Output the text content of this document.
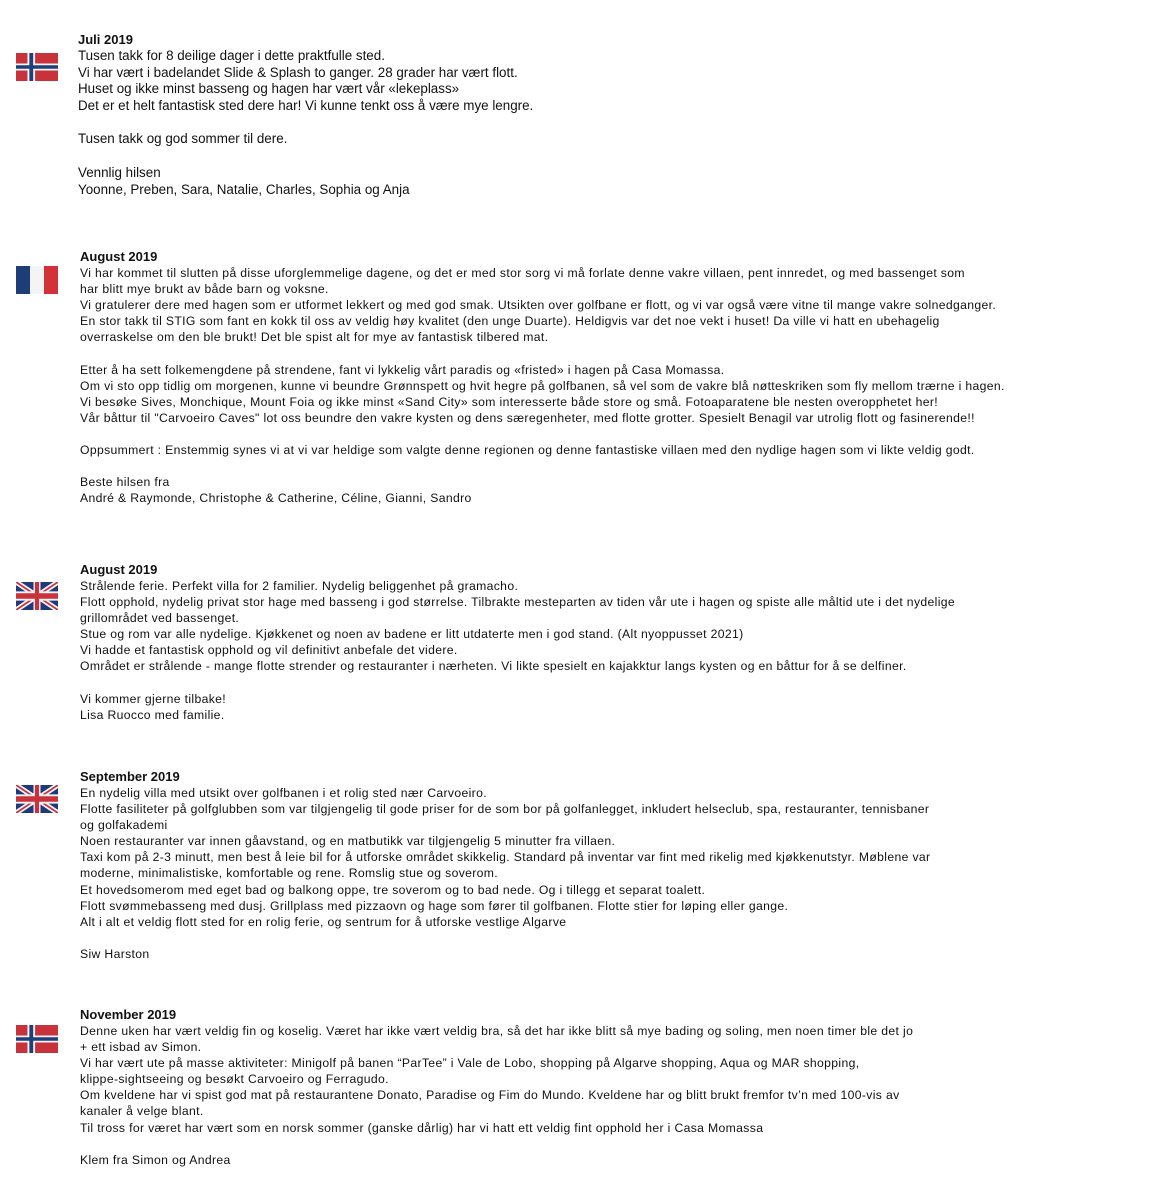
Juli 2019
Tusen takk for 8 deilige dager i dette praktfulle sted.
Vi har vært i badelandet Slide & Splash to ganger. 28 grader har vært flott.
Huset og ikke minst basseng og hagen har vært vår «lekeplass»
Det er et helt fantastisk sted dere har! Vi kunne tenkt oss å være mye lengre.
Tusen takk og god sommer til dere.
Vennlig hilsen
Yoonne, Preben, Sara, Natalie, Charles, Sophia og Anja
August 2019
Vi har kommet til slutten på disse uforglemmelige dagene, og det er med stor sorg vi må forlate denne vakre villaen, pent innredet, og med bassenget som
har blitt mye brukt av både barn og voksne.
Vi gratulerer dere med hagen som er utformet lekkert og med god smak. Utsikten over golfbane er flott, og vi var også være vitne til mange vakre solnedganger.
En stor takk til STIG som fant en kokk til oss av veldig høy kvalitet (den unge Duarte). Heldigvis var det noe vekt i huset! Da ville vi hatt en ubehagelig
overraskelse om den ble brukt! Det ble spist alt for mye av fantastisk tilbered mat.
Etter å ha sett folkemengdene på strendene, fant vi lykkelig vårt paradis og «fristed» i hagen på Casa Momassa.
Om vi sto opp tidlig om morgenen, kunne vi beundre Grønnspett og hvit hegre på golfbanen, så vel som de vakre blå nøtteskriken som fly mellom trærne i hagen.
Vi besøke Sives, Monchique, Mount Foia og ikke minst «Sand City» som interesserte både store og små. Fotoaparatene ble nesten overopphetet her!
Vår båttur til "Carvoeiro Caves" lot oss beundre den vakre kysten og dens særegenheter, med flotte grotter. Spesielt Benagil var utrolig flott og fasinerende!!
Oppsummert : Enstemmig synes vi at vi var heldige som valgte denne regionen og denne fantastiske villaen med den nydlige hagen som vi likte veldig godt.
Beste hilsen fra
André & Raymonde, Christophe & Catherine, Céline, Gianni, Sandro
August 2019
Strålende ferie. Perfekt villa for 2 familier. Nydelig beliggenhet på gramacho.
Flott opphold, nydelig privat stor hage med basseng i god størrelse. Tilbrakte mesteparten av tiden vår ute i hagen og spiste alle måltid ute i det nydelige
grillområdet ved bassenget.
Stue og rom var alle nydelige. Kjøkkenet og noen av badene er litt utdaterte men i god stand. (Alt nyoppusset 2021)
Vi hadde et fantastisk opphold og vil definitivt anbefale det videre.
Området er strålende - mange flotte strender og restauranter i nærheten. Vi likte spesielt en kajakktur langs kysten og en båttur for å se delfiner.
Vi kommer gjerne tilbake!
Lisa Ruocco med familie.
September 2019
En nydelig villa med utsikt over golfbanen i et rolig sted nær Carvoeiro.
Flotte fasiliteter på golfglubben som var tilgjengelig til gode priser for de som bor på golfanlegget, inkludert helseclub, spa, restauranter, tennisbaner
og golfakademi
Noen restauranter var innen gåavstand, og en matbutikk var tilgjengelig 5 minutter fra villaen.
Taxi kom på 2-3 minutt, men best å leie bil for å utforske området skikkelig. Standard på inventar var fint med rikelig med kjøkkenutstyr. Møblene var
moderne, minimalistiske, komfortable og rene. Romslig stue og soverom.
Et hovedsomerom med eget bad og balkong oppe, tre soverom og to bad nede. Og i tillegg et separat toalett.
Flott svømmebasseng med dusj. Grillplass med pizzaovn og hage som fører til golfbanen. Flotte stier for løping eller gange.
Alt i alt et veldig flott sted for en rolig ferie, og sentrum for å utforske vestlige Algarve
Siw Harston
November 2019
Denne uken har vært veldig fin og koselig. Været har ikke vært veldig bra, så det har ikke blitt så mye bading og soling, men noen timer ble det jo
+ ett isbad av Simon.
Vi har vært ute på masse aktiviteter: Minigolf på banen “ParTee” i Vale de Lobo, shopping på Algarve shopping, Aqua og MAR shopping,
klippe-sightseeing og besøkt Carvoeiro og Ferragudo.
Om kveldene har vi spist god mat på restaurantene Donato, Paradise og Fim do Mundo. Kveldene har og blitt brukt fremfor tv’n med 100-vis av
kanaler å velge blant.
Til tross for været har vært som en norsk sommer (ganske dårlig) har vi hatt ett veldig fint opphold her i Casa Momassa
Klem fra Simon og Andrea
